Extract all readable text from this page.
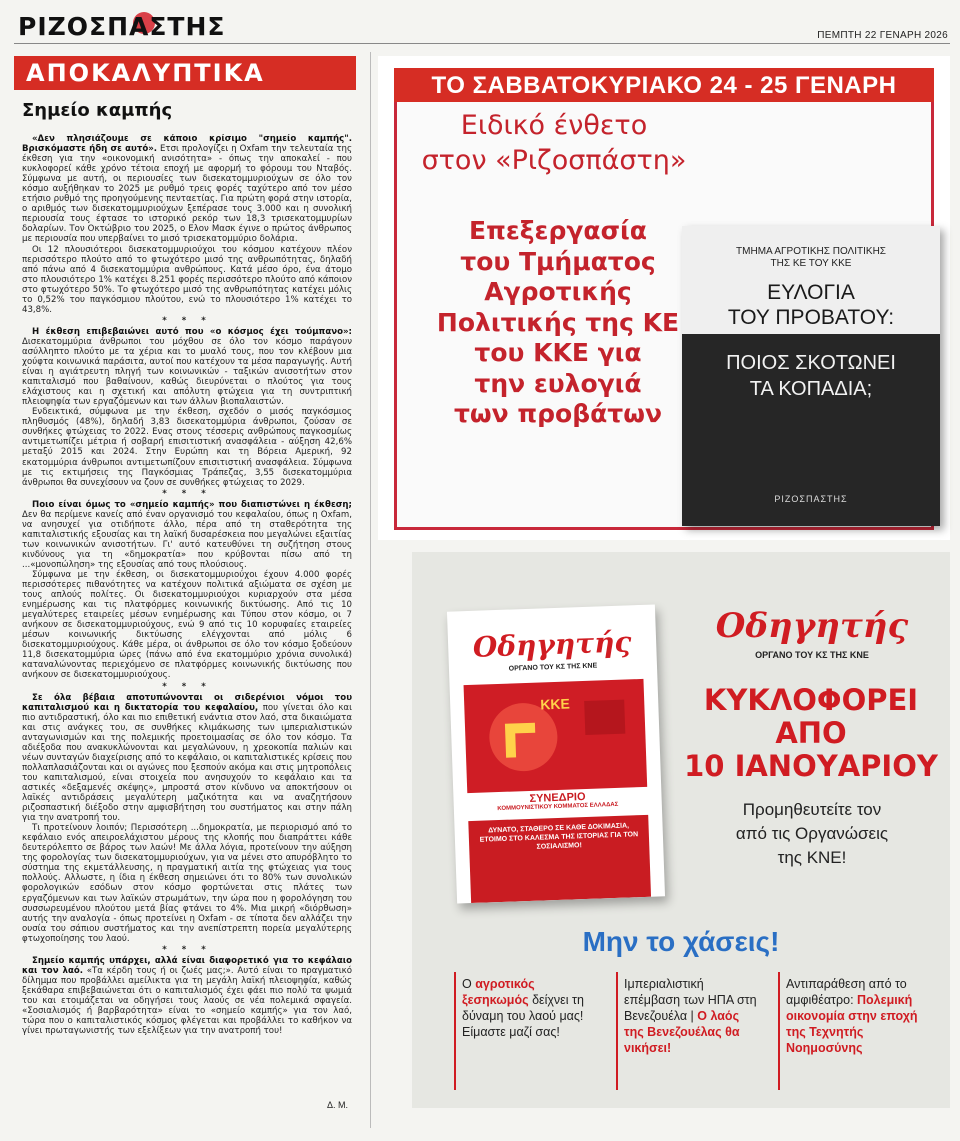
ΡΙΖΟΣΠΑΣΤΗΣ	ΠΕΜΠΤΗ 22 ΓΕΝΑΡΗ 2026
ΑΠΟΚΑΛΥΠΤΙΚΑ
Σημείο καμπής

«Δεν πλησιάζουμε σε κάποιο κρίσιμο "σημείο καμπής". Βρισκόμαστε ήδη σε αυτό». Ετσι προλογίζει η Oxfam την τελευταία της έκθεση για την «οικονομική ανισότητα» - όπως την αποκαλεί - που κυκλοφορεί κάθε χρόνο τέτοια εποχή με αφορμή το φόρουμ του Νταβός. Σύμφωνα με αυτή, οι περιουσίες των δισεκατομμυριούχων σε όλο τον κόσμο αυξήθηκαν το 2025 με ρυθμό τρεις φορές ταχύτερο από τον μέσο ετήσιο ρυθμό της προηγούμενης πενταετίας. Για πρώτη φορά στην ιστορία, ο αριθμός των δισεκατομμυριούχων ξεπέρασε τους 3.000 και η συνολική περιουσία τους έφτασε το ιστορικό ρεκόρ των 18,3 τρισεκατομμυρίων δολαρίων. Τον Οκτώβριο του 2025, ο Ελον Μασκ έγινε ο πρώτος άνθρωπος με περιουσία που υπερβαίνει το μισό τρισεκατομμύριο δολάρια.

Οι 12 πλουσιότεροι δισεκατομμυριούχοι του κόσμου κατέχουν πλέον περισσότερο πλούτο από το φτωχότερο μισό της ανθρωπότητας, δηλαδή από πάνω από 4 δισεκατομμύρια ανθρώπους. Κατά μέσο όρο, ένα άτομο στο πλουσιότερο 1% κατέχει 8.251 φορές περισσότερο πλούτο από κάποιον στο φτωχότερο 50%. Το φτωχότερο μισό της ανθρωπότητας κατέχει μόλις το 0,52% του παγκόσμιου πλούτου, ενώ το πλουσιότερο 1% κατέχει το 43,8%.

* * *

Η έκθεση επιβεβαιώνει αυτό που «ο κόσμος έχει τούμπανο»: Δισεκατομμύρια άνθρωποι του μόχθου σε όλο τον κόσμο παράγουν ασύλληπτο πλούτο με τα χέρια και το μυαλό τους, που τον κλέβουν μια χούφτα κοινωνικά παράσιτα, αυτοί που κατέχουν τα μέσα παραγωγής. Αυτή είναι η αγιάτρευτη πληγή των κοινωνικών - ταξικών ανισοτήτων στον καπιταλισμό που βαθαίνουν, καθώς διευρύνεται ο πλούτος για τους ελάχιστους και η σχετική και απόλυτη φτώχεια για τη συντριπτική πλειοψηφία των εργαζόμενων και των άλλων βιοπαλαιστών.

Ενδεικτικά, σύμφωνα με την έκθεση, σχεδόν ο μισός παγκόσμιος πληθυσμός (48%), δηλαδή 3,83 δισεκατομμύρια άνθρωποι, ζούσαν σε συνθήκες φτώχειας το 2022. Ενας στους τέσσερις ανθρώπους παγκοσμίως αντιμετωπίζει μέτρια ή σοβαρή επισιτιστική ανασφάλεια - αύξηση 42,6% μεταξύ 2015 και 2024. Στην Ευρώπη και τη Βόρεια Αμερική, 92 εκατομμύρια άνθρωποι αντιμετωπίζουν επισιτιστική ανασφάλεια. Σύμφωνα με τις εκτιμήσεις της Παγκόσμιας Τράπεζας, 3,55 δισεκατομμύρια άνθρωποι θα συνεχίσουν να ζουν σε συνθήκες φτώχειας το 2029.

* * *

Ποιο είναι όμως το «σημείο καμπής» που διαπιστώνει η έκθεση; Δεν θα περίμενε κανείς από έναν οργανισμό του κεφαλαίου, όπως η Oxfam, να ανησυχεί για οτιδήποτε άλλο, πέρα από τη σταθερότητα της καπιταλιστικής εξουσίας και τη λαϊκή δυσαρέσκεια που μεγαλώνει εξαιτίας των κοινωνικών ανισοτήτων. Γι' αυτό κατευθύνει τη συζήτηση στους κινδύνους για τη «δημοκρατία» που κρύβονται πίσω από τη ...«μονοπώληση» της εξουσίας από τους πλούσιους.

Σύμφωνα με την έκθεση, οι δισεκατομμυριούχοι έχουν 4.000 φορές περισσότερες πιθανότητες να κατέχουν πολιτικά αξιώματα σε σχέση με τους απλούς πολίτες. Οι δισεκατομμυριούχοι κυριαρχούν στα μέσα ενημέρωσης και τις πλατφόρμες κοινωνικής δικτύωσης. Από τις 10 μεγαλύτερες εταιρείες μέσων ενημέρωσης και Τύπου στον κόσμο, οι 7 ανήκουν σε δισεκατομμυριούχους, ενώ 9 από τις 10 κορυφαίες εταιρείες μέσων κοινωνικής δικτύωσης ελέγχονται από μόλις 6 δισεκατομμυριούχους. Κάθε μέρα, οι άνθρωποι σε όλο τον κόσμο ξοδεύουν 11,8 δισεκατομμύρια ώρες (πάνω από ένα εκατομμύριο χρόνια συνολικά) καταναλώνοντας περιεχόμενο σε πλατφόρμες κοινωνικής δικτύωσης που ανήκουν σε δισεκατομμυριούχους.

* * *

Σε όλα βέβαια αποτυπώνονται οι σιδερένιοι νόμοι του καπιταλισμού και η δικτατορία του κεφαλαίου, που γίνεται όλο και πιο αντιδραστική, όλο και πιο επιθετική ενάντια στον λαό, στα δικαιώματα και στις ανάγκες του, σε συνθήκες κλιμάκωσης των ιμπεριαλιστικών ανταγωνισμών και της πολεμικής προετοιμασίας σε όλο τον κόσμο. Τα αδιέξοδα που ανακυκλώνονται και μεγαλώνουν, η χρεοκοπία παλιών και νέων συνταγών διαχείρισης από το κεφάλαιο, οι καπιταλιστικές κρίσεις που πολλαπλασιάζονται και οι αγώνες που ξεσπούν ακόμα και στις μητροπόλεις του καπιταλισμού, είναι στοιχεία που ανησυχούν το κεφάλαιο και τα αστικές «δεξαμενές σκέψης», μπροστά στον κίνδυνο να αποκτήσουν οι λαϊκές αντιδράσεις μεγαλύτερη μαζικότητα και να αναζητήσουν ριζοσπαστική διέξοδο στην αμφισβήτηση του συστήματος και στην πάλη για την ανατροπή του.

Τι προτείνουν λοιπόν; Περισσότερη ...δημοκρατία, με περιορισμό από το κεφάλαιο ενός απειροελάχιστου μέρους της κλοπής που διαπράττει κάθε δευτερόλεπτο σε βάρος των λαών! Με άλλα λόγια, προτείνουν την αύξηση της φορολογίας των δισεκατομμυριούχων, για να μένει στο απυρόβλητο το σύστημα της εκμετάλλευσης, η πραγματική αιτία της φτώχειας για τους πολλούς. Αλλωστε, η ίδια η έκθεση σημειώνει ότι το 80% των συνολικών φορολογικών εσόδων στον κόσμο φορτώνεται στις πλάτες των εργαζόμενων και των λαϊκών στρωμάτων, την ώρα που η φορολόγηση του συσσωρευμένου πλούτου μετά βίας φτάνει το 4%. Μια μικρή «διόρθωση» αυτής την αναλογία - όπως προτείνει η Oxfam - σε τίποτα δεν αλλάζει την ουσία του σάπιου συστήματος και την ανεπίστρεπτη πορεία μεγαλύτερης φτωχοποίησης του λαού.

* * *

Σημείο καμπής υπάρχει, αλλά είναι διαφορετικό για το κεφάλαιο και τον λαό. «Τα κέρδη τους ή οι ζωές μας;». Αυτό είναι το πραγματικό δίλημμα που προβάλλει αμείλικτα για τη μεγάλη λαϊκή πλειοψηφία, καθώς ξεκάθαρα επιβεβαιώνεται ότι ο καπιταλισμός έχει φάει πιο πολύ τα ψωμιά του και ετοιμάζεται να οδηγήσει τους λαούς σε νέα πολεμικά σφαγεία. «Σοσιαλισμός ή βαρβαρότητα» είναι το «σημείο καμπής» για τον λαό, τώρα που ο καπιταλιστικός κόσμος φλέγεται και προβάλλει το καθήκον να γίνει πρωταγωνιστής των εξελίξεων για την ανατροπή του!

Δ. Μ.
ΤΟ ΣΑΒΒΑΤΟΚΥΡΙΑΚΟ 24 - 25 ΓΕΝΑΡΗ
Ειδικό ένθετο
στον «Ριζοσπάστη»
Επεξεργασία
του Τμήματος
Αγροτικής
Πολιτικής της ΚΕ
του ΚΚΕ για
την ευλογιά
των προβάτων
ΤΜΗΜΑ ΑΓΡΟΤΙΚΗΣ ΠΟΛΙΤΙΚΗΣ
ΤΗΣ ΚΕ ΤΟΥ ΚΚΕ
ΕΥΛΟΓΙΑ
ΤΟΥ ΠΡΟΒΑΤΟΥ:
ΠΟΙΟΣ ΣΚΟΤΩΝΕΙ
ΤΑ ΚΟΠΑΔΙΑ;
ΡΙΖΟΣΠΑΣΤΗΣ
Οδηγητής
ΟΡΓΑΝΟ ΤΟΥ ΚΣ ΤΗΣ ΚΝΕ
ΚΚΕ
ΣΥΝΕΔΡΙΟ
ΚΟΜΜΟΥΝΙΣΤΙΚΟΥ ΚΟΜΜΑΤΟΣ ΕΛΛΑΔΑΣ
ΔΥΝΑΤΟ, ΣΤΑΘΕΡΟ ΣΕ ΚΑΘΕ ΔΟΚΙΜΑΣΙΑ, ΕΤΟΙΜΟ ΣΤΟ ΚΑΛΕΣΜΑ ΤΗΣ ΙΣΤΟΡΙΑΣ ΓΙΑ ΤΟΝ ΣΟΣΙΑΛΙΣΜΟ!
Οδηγητής
ΟΡΓΑΝΟ ΤΟΥ ΚΣ ΤΗΣ ΚΝΕ
ΚΥΚΛΟΦΟΡΕΙ
ΑΠΟ
10 ΙΑΝΟΥΑΡΙΟΥ
Προμηθευτείτε τον
από τις Οργανώσεις
της ΚΝΕ!
Μην το χάσεις!
Ο αγροτικός ξεσηκωμός δείχνει τη δύναμη του λαού μας! Είμαστε μαζί σας!
Ιμπεριαλιστική επέμβαση των ΗΠΑ στη Βενεζουέλα | Ο λαός της Βενεζουέλας θα νικήσει!
Αντιπαράθεση από το αμφιθέατρο: Πολεμική οικονομία στην εποχή της Τεχνητής Νοημοσύνης
